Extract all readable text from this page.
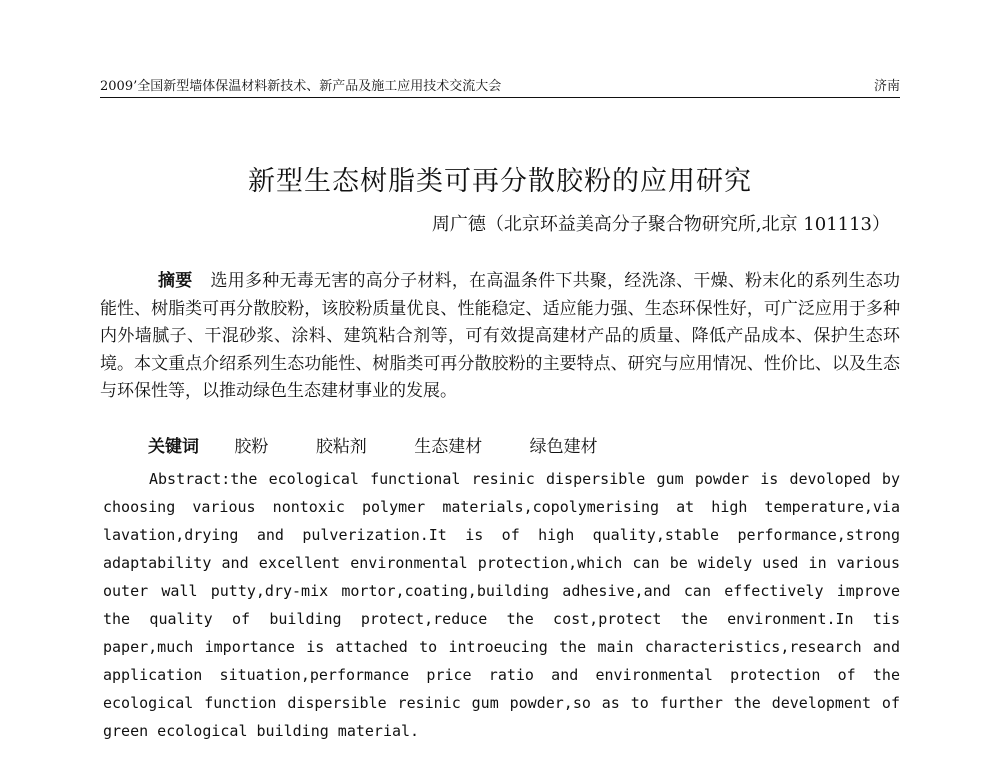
2009’全国新型墙体保温材料新技术、新产品及施工应用技术交流大会	济南
新型生态树脂类可再分散胶粉的应用研究
周广德（北京环益美高分子聚合物研究所,北京 101113）
摘要 选用多种无毒无害的高分子材料，在高温条件下共聚，经洗涤、干燥、粉末化的系列生态功能性、树脂类可再分散胶粉，该胶粉质量优良、性能稳定、适应能力强、生态环保性好，可广泛应用于多种内外墙腻子、干混砂浆、涂料、建筑粘合剂等，可有效提高建材产品的质量、降低产品成本、保护生态环境。本文重点介绍系列生态功能性、树脂类可再分散胶粉的主要特点、研究与应用情况、性价比、以及生态与环保性等，以推动绿色生态建材事业的发展。
关键词 胶粉	胶粘剂	生态建材	绿色建材
Abstract:the ecological functional resinic dispersible gum powder is devoloped by choosing various nontoxic polymer materials,copolymerising at high temperature,via lavation,drying and pulverization.It is of high quality,stable performance,strong adaptability and excellent environmental protection,which can be widely used in various outer wall putty,dry-mix mortor,coating,building adhesive,and can effectively improve the quality of building protect,reduce the cost,protect the environment.In tis paper,much importance is attached to introeucing the main characteristics,research and application situation,performance price ratio and environmental protection of the ecological function dispersible resinic gum powder,so as to further the development of green ecological building material.
